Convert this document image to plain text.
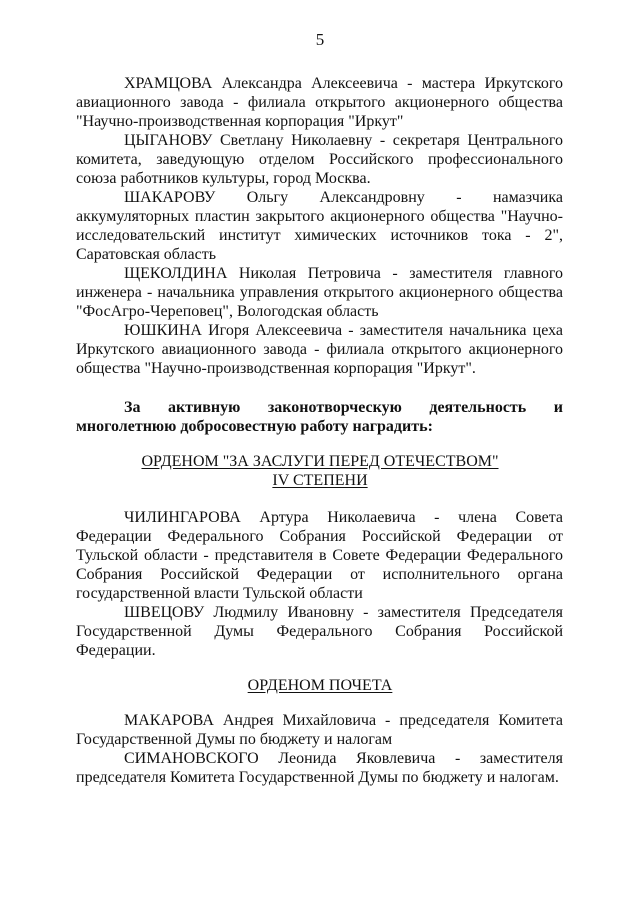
5

ХРАМЦОВА Александра Алексеевича - мастера Иркутского авиационного завода - филиала открытого акционерного общества "Научно-производственная корпорация "Иркут"

ЦЫГАНОВУ Светлану Николаевну - секретаря Центрального комитета, заведующую отделом Российского профессионального союза работников культуры, город Москва.

ШАКАРОВУ Ольгу Александровну - намазчика аккумуляторных пластин закрытого акционерного общества "Научно-исследовательский институт химических источников тока - 2", Саратовская область

ЩЕКОЛДИНА Николая Петровича - заместителя главного инженера - начальника управления открытого акционерного общества "ФосАгро-Череповец", Вологодская область

ЮШКИНА Игоря Алексеевича - заместителя начальника цеха Иркутского авиационного завода - филиала открытого акционерного общества "Научно-производственная корпорация "Иркут".

За активную законотворческую деятельность и многолетнюю добросовестную работу наградить:

ОРДЕНОМ "ЗА ЗАСЛУГИ ПЕРЕД ОТЕЧЕСТВОМ"
IV СТЕПЕНИ

ЧИЛИНГАРОВА Артура Николаевича - члена Совета Федерации Федерального Собрания Российской Федерации от Тульской области - представителя в Совете Федерации Федерального Собрания Российской Федерации от исполнительного органа государственной власти Тульской области

ШВЕЦОВУ Людмилу Ивановну - заместителя Председателя Государственной Думы Федерального Собрания Российской Федерации.

ОРДЕНОМ ПОЧЕТА

МАКАРОВА Андрея Михайловича - председателя Комитета Государственной Думы по бюджету и налогам

СИМАНОВСКОГО Леонида Яковлевича - заместителя председателя Комитета Государственной Думы по бюджету и налогам.
